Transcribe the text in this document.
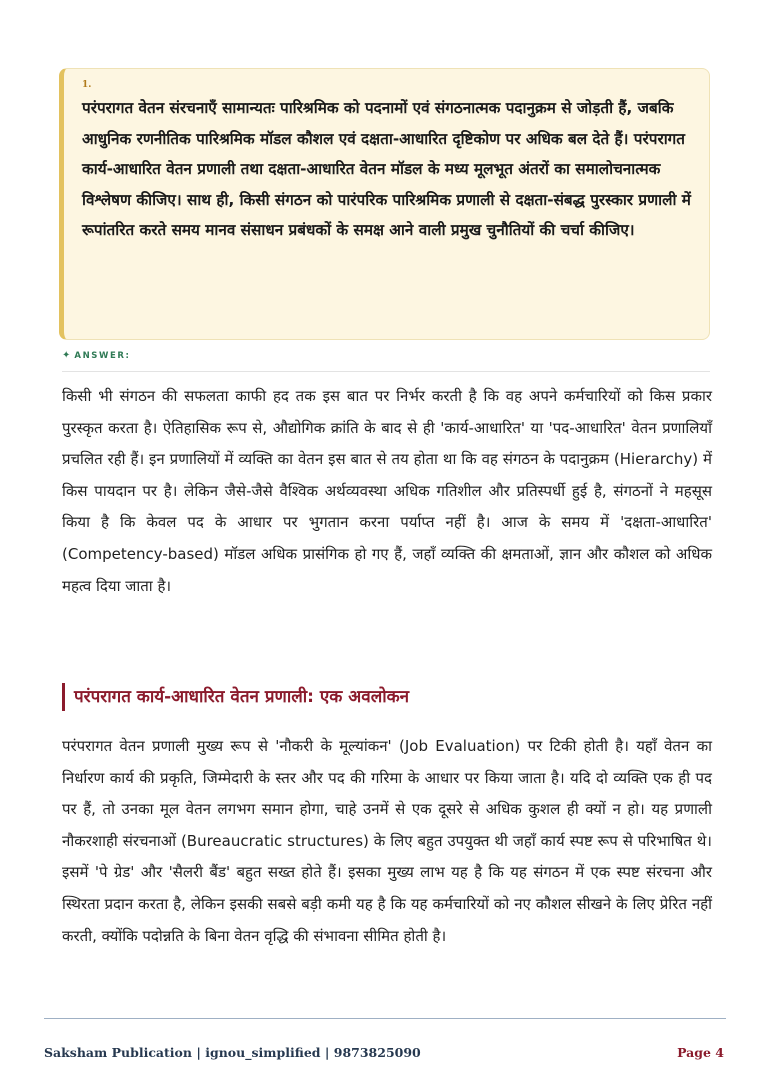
1.

परंपरागत वेतन संरचनाएँ सामान्यतः पारिश्रमिक को पदनामों एवं संगठनात्मक पदानुक्रम से जोड़ती हैं, जबकि आधुनिक रणनीतिक पारिश्रमिक मॉडल कौशल एवं दक्षता-आधारित दृष्टिकोण पर अधिक बल देते हैं। परंपरागत कार्य-आधारित वेतन प्रणाली तथा दक्षता-आधारित वेतन मॉडल के मध्य मूलभूत अंतरों का समालोचनात्मक विश्लेषण कीजिए। साथ ही, किसी संगठन को पारंपरिक पारिश्रमिक प्रणाली से दक्षता-संबद्ध पुरस्कार प्रणाली में रूपांतरित करते समय मानव संसाधन प्रबंधकों के समक्ष आने वाली प्रमुख चुनौतियों की चर्चा कीजिए।

✦ ANSWER:

किसी भी संगठन की सफलता काफी हद तक इस बात पर निर्भर करती है कि वह अपने कर्मचारियों को किस प्रकार पुरस्कृत करता है। ऐतिहासिक रूप से, औद्योगिक क्रांति के बाद से ही 'कार्य-आधारित' या 'पद-आधारित' वेतन प्रणालियाँ प्रचलित रही हैं। इन प्रणालियों में व्यक्ति का वेतन इस बात से तय होता था कि वह संगठन के पदानुक्रम (Hierarchy) में किस पायदान पर है। लेकिन जैसे-जैसे वैश्विक अर्थव्यवस्था अधिक गतिशील और प्रतिस्पर्धी हुई है, संगठनों ने महसूस किया है कि केवल पद के आधार पर भुगतान करना पर्याप्त नहीं है। आज के समय में 'दक्षता-आधारित' (Competency-based) मॉडल अधिक प्रासंगिक हो गए हैं, जहाँ व्यक्ति की क्षमताओं, ज्ञान और कौशल को अधिक महत्व दिया जाता है।

परंपरागत कार्य-आधारित वेतन प्रणाली: एक अवलोकन

परंपरागत वेतन प्रणाली मुख्य रूप से 'नौकरी के मूल्यांकन' (Job Evaluation) पर टिकी होती है। यहाँ वेतन का निर्धारण कार्य की प्रकृति, जिम्मेदारी के स्तर और पद की गरिमा के आधार पर किया जाता है। यदि दो व्यक्ति एक ही पद पर हैं, तो उनका मूल वेतन लगभग समान होगा, चाहे उनमें से एक दूसरे से अधिक कुशल ही क्यों न हो। यह प्रणाली नौकरशाही संरचनाओं (Bureaucratic structures) के लिए बहुत उपयुक्त थी जहाँ कार्य स्पष्ट रूप से परिभाषित थे। इसमें 'पे ग्रेड' और 'सैलरी बैंड' बहुत सख्त होते हैं। इसका मुख्य लाभ यह है कि यह संगठन में एक स्पष्ट संरचना और स्थिरता प्रदान करता है, लेकिन इसकी सबसे बड़ी कमी यह है कि यह कर्मचारियों को नए कौशल सीखने के लिए प्रेरित नहीं करती, क्योंकि पदोन्नति के बिना वेतन वृद्धि की संभावना सीमित होती है।

Saksham Publication | ignou_simplified | 9873825090	Page 4
